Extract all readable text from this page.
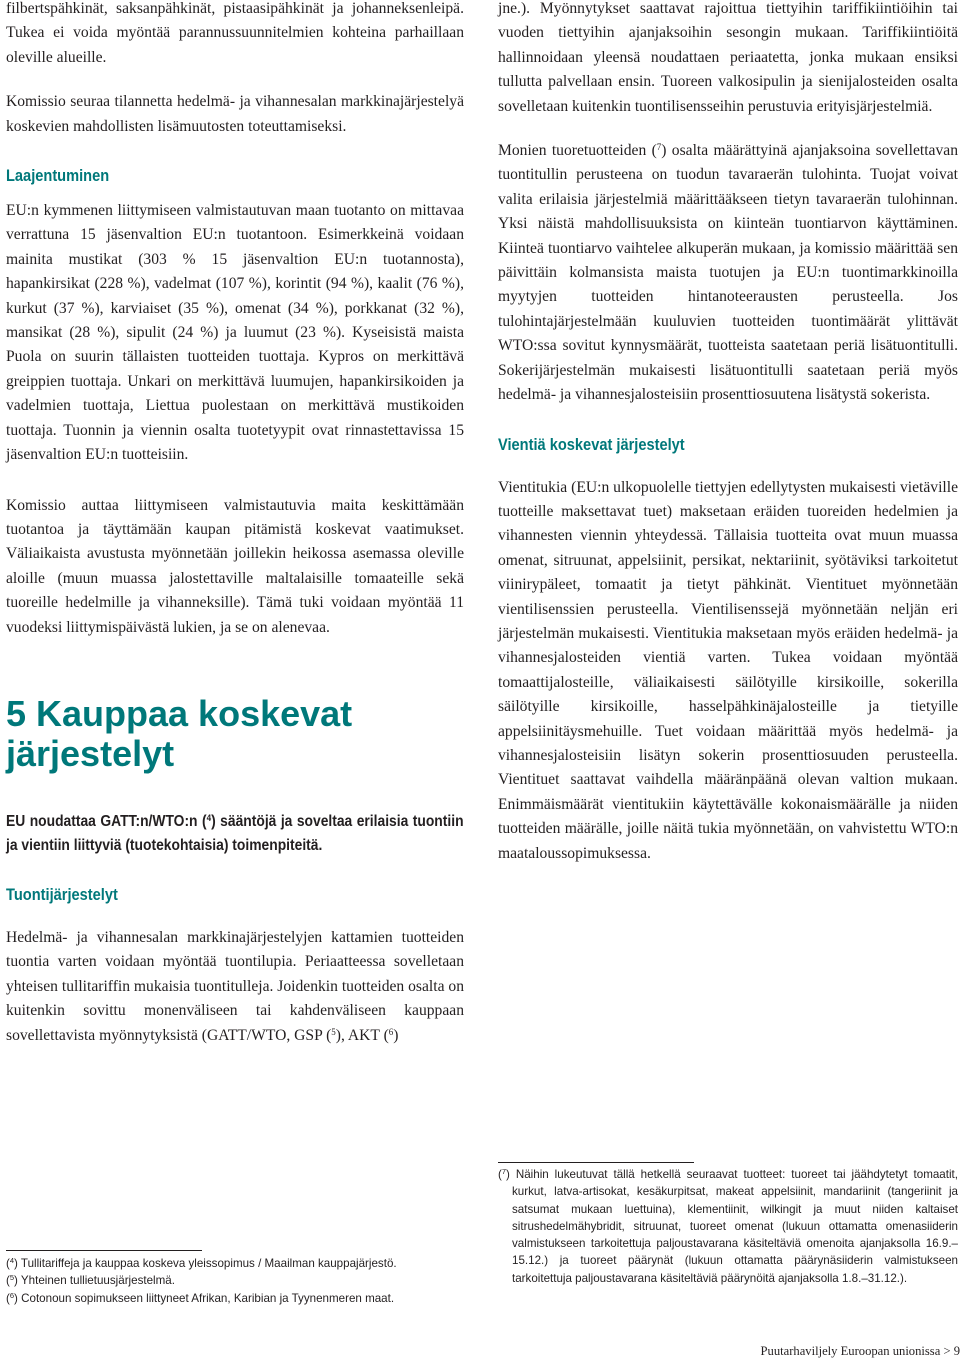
filbertspähkinät, saksanpähkinät, pistaasipähkinät ja johanneksenleipä. Tukea ei voida myöntää parannussuunnitelmien kohteina parhaillaan oleville alueille.

Komissio seuraa tilannetta hedelmä- ja vihannesalan markkinajärjestelyä koskevien mahdollisten lisämuutosten toteuttamiseksi.

Laajentuminen

EU:n kymmenen liittymiseen valmistautuvan maan tuotanto on mittavaa verrattuna 15 jäsenvaltion EU:n tuotantoon. Esimerkkeinä voidaan mainita mustikat (303 % 15 jäsenvaltion EU:n tuotannosta), hapankirsikat (228 %), vadelmat (107 %), korintit (94 %), kaalit (76 %), kurkut (37 %), karviaiset (35 %), omenat (34 %), porkkanat (32 %), mansikat (28 %), sipulit (24 %) ja luumut (23 %). Kyseisistä maista Puola on suurin tällaisten tuotteiden tuottaja. Kypros on merkittävä greippien tuottaja. Unkari on merkittävä luumujen, hapankirsikoiden ja vadelmien tuottaja, Liettua puolestaan on merkittävä mustikoiden tuottaja. Tuonnin ja viennin osalta tuotetyypit ovat rinnastettavissa 15 jäsenvaltion EU:n tuotteisiin.

Komissio auttaa liittymiseen valmistautuvia maita keskittämään tuotantoa ja täyttämään kaupan pitämistä koskevat vaatimukset. Väliaikaista avustusta myönnetään joillekin heikossa asemassa oleville aloille (muun muassa jalostettaville maltalaisille tomaateille sekä tuoreille hedelmille ja vihanneksille). Tämä tuki voidaan myöntää 11 vuodeksi liittymispäivästä lukien, ja se on alenevaa.

5 Kauppaa koskevat järjestelyt

EU noudattaa GATT:n/WTO:n ($^4$) sääntöjä ja soveltaa erilaisia tuontiin ja vientiin liittyviä (tuotekohtaisia) toimenpiteitä.

Tuontijärjestelyt

Hedelmä- ja vihannesalan markkinajärjestelyjen kattamien tuotteiden tuontia varten voidaan myöntää tuontilupia. Periaatteessa sovelletaan yhteisen tullitariffin mukaisia tuontitulleja. Joidenkin tuotteiden osalta on kuitenkin sovittu monenväliseen tai kahdenväliseen kauppaan sovellettavista myönnytyksistä (GATT/WTO, GSP ($^5$), AKT ($^6$)

($^4$) Tullitariffeja ja kauppaa koskeva yleissopimus / Maailman kauppajärjestö.

($^5$) Yhteinen tullietuusjärjestelmä.

($^6$) Cotonoun sopimukseen liittyneet Afrikan, Karibian ja Tyynenmeren maat.

jne.). Myönnytykset saattavat rajoittua tiettyihin tariffikiintiöihin tai vuoden tiettyihin ajanjaksoihin sesongin mukaan. Tariffikiintiöitä hallinnoidaan yleensä noudattaen periaatetta, jonka mukaan ensiksi tullutta palvellaan ensin. Tuoreen valkosipulin ja sienijalosteiden osalta sovelletaan kuitenkin tuontilisensseihin perustuvia erityisjärjestelmiä.

Monien tuoretuotteiden ($^7$) osalta määrättyinä ajanjaksoina sovellettavan tuontitullin perusteena on tuodun tavaraerän tulohinta. Tuojat voivat valita erilaisia järjestelmiä määrittääkseen tietyn tavaraerän tulohinnan. Yksi näistä mahdollisuuksista on kiinteän tuontiarvon käyttäminen. Kiinteä tuontiarvo vaihtelee alkuperän mukaan, ja komissio määrittää sen päivittäin kolmansista maista tuotujen ja EU:n tuontimarkkinoilla myytyjen tuotteiden hintanoteerausten perusteella. Jos tulohintajärjestelmään kuuluvien tuotteiden tuontimäärät ylittävät WTO:ssa sovitut kynnysmäärät, tuotteista saatetaan periä lisätuontitulli. Sokerijärjestelmän mukaisesti lisätuontitulli saatetaan periä myös hedelmä- ja vihannesjalosteisiin prosenttiosuutena lisätystä sokerista.

Vientiä koskevat järjestelyt

Vientitukia (EU:n ulkopuolelle tiettyjen edellytysten mukaisesti vietäville tuotteille maksettavat tuet) maksetaan eräiden tuoreiden hedelmien ja vihannesten viennin yhteydessä. Tällaisia tuotteita ovat muun muassa omenat, sitruunat, appelsiinit, persikat, nektariinit, syötäviksi tarkoitetut viinirypäleet, tomaatit ja tietyt pähkinät. Vientituet myönnetään vientilisenssien perusteella. Vientilisenssejä myönnetään neljän eri järjestelmän mukaisesti. Vientitukia maksetaan myös eräiden hedelmä- ja vihannesjalosteiden vientiä varten. Tukea voidaan myöntää tomaattijalosteille, väliaikaisesti säilötyille kirsikoille, sokerilla säilötyille kirsikoille, hasselpähkinäjalosteille ja tietyille appelsiinitäysmehuille. Tuet voidaan määrittää myös hedelmä- ja vihannesjalosteisiin lisätyn sokerin prosenttiosuuden perusteella. Vientituet saattavat vaihdella määränpäänä olevan valtion mukaan. Enimmäismäärät vientitukiin käytettävälle kokonaismäärälle ja niiden tuotteiden määrälle, joille näitä tukia myönnetään, on vahvistettu WTO:n maataloussopimuksessa.

($^7$) Näihin lukeutuvat tällä hetkellä seuraavat tuotteet: tuoreet tai jäähdytetyt tomaatit, kurkut, latva-artisokat, kesäkurpitsat, makeat appelsiinit, mandariinit (tangeriinit ja satsumat mukaan luettuina), klementiinit, wilkingit ja muut niiden kaltaiset sitrushedelmähybridit, sitruunat, tuoreet omenat (lukuun ottamatta omenasiiderin valmistukseen tarkoitettuja paljoustavarana käsiteltäviä omenoita ajanjaksolla 16.9.–15.12.) ja tuoreet päärynät (lukuun ottamatta päärynäsiiderin valmistukseen tarkoitettuja paljoustavarana käsiteltäviä päärynöitä ajanjaksolla 1.8.–31.12.).

Puutarhaviljely Euroopan unionissa > 9
